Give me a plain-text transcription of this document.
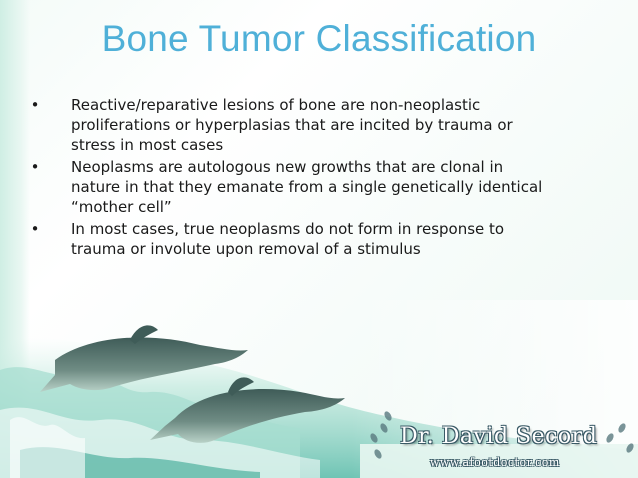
Bone Tumor Classification
• Reactive/reparative lesions of bone are non-neoplastic
proliferations or hyperplasias that are incited by trauma or
stress in most cases
• Neoplasms are autologous new growths that are clonal in
nature in that they emanate from a single genetically identical
“mother cell”
• In most cases, true neoplasms do not form in response to
trauma or involute upon removal of a stimulus
Dr. David Secord
www.afootdoctor.com
